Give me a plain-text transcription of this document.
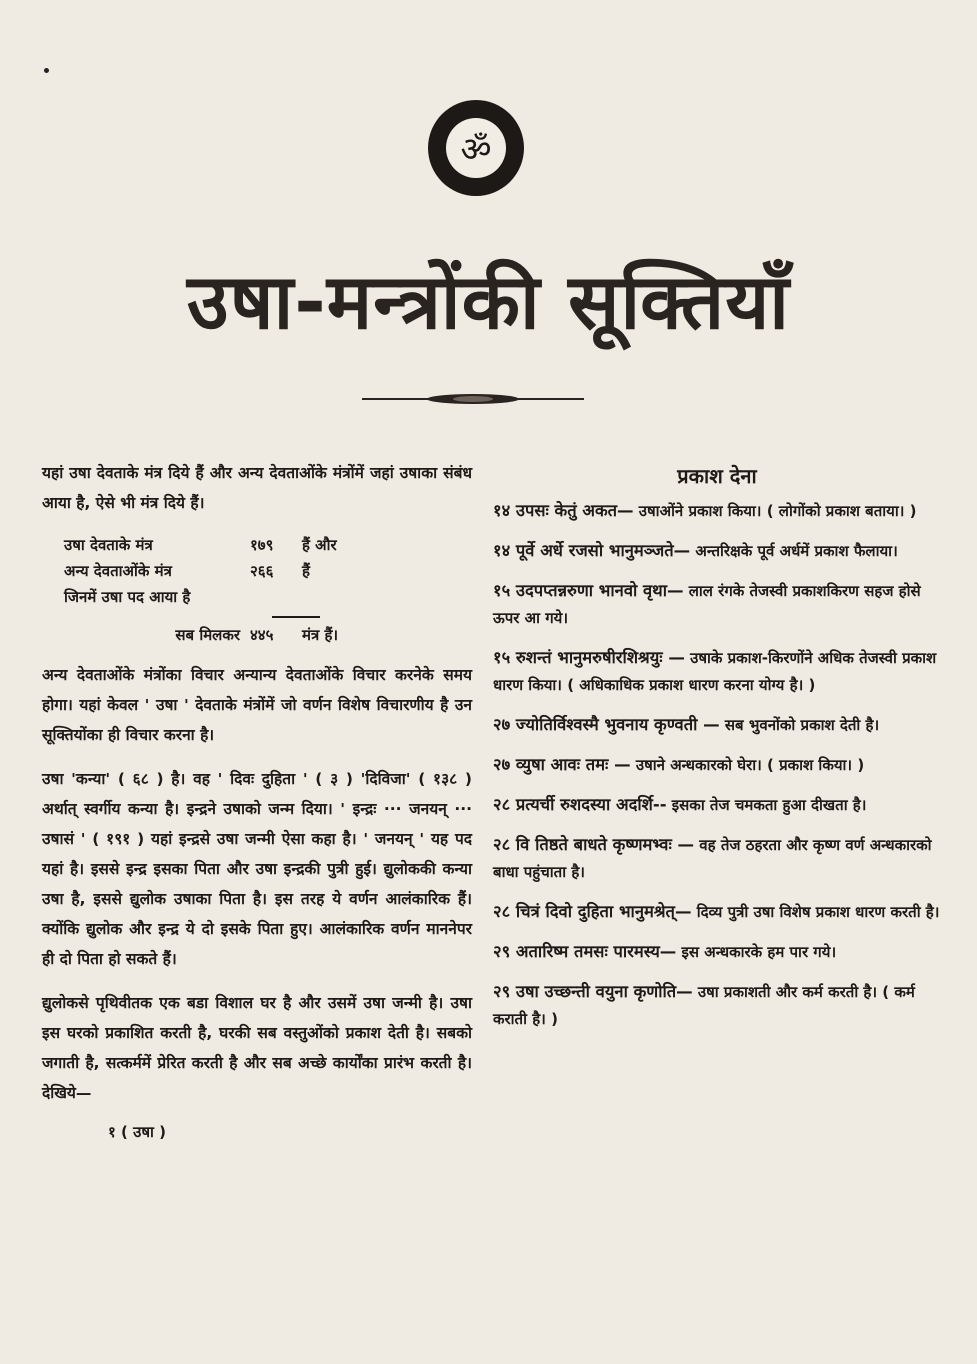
ॐ
उषा-मन्त्रोंकी सूक्तियाँ

यहां उषा देवताके मंत्र दिये हैं और अन्य देवताओंके मंत्रोंमें जहां उषाका संबंध आया है, ऐसे भी मंत्र दिये हैं।

उषा देवताके मंत्र	१७९	हैं और
अन्य देवताओंके मंत्र	२६६	हैं
जिनमें उषा पद आया है
सब मिलकर ४४५	मंत्र हैं।

अन्य देवताओंके मंत्रोंका विचार अन्यान्य देवताओंके विचार करनेके समय होगा। यहां केवल ' उषा ' देवताके मंत्रोंमें जो वर्णन विशेष विचारणीय है उन सूक्तियोंका ही विचार करना है।

उषा 'कन्या' ( ६८ ) है। वह ' दिवः दुहिता ' ( ३ ) 'दिविजा' ( १३८ ) अर्थात् स्वर्गीय कन्या है। इन्द्रने उषाको जन्म दिया। ' इन्द्रः ··· जनयन् ··· उषासं ' ( १९१ ) यहां इन्द्रसे उषा जन्मी ऐसा कहा है। ' जनयन् ' यह पद यहां है। इससे इन्द्र इसका पिता और उषा इन्द्रकी पुत्री हुई। द्युलोककी कन्या उषा है, इससे द्युलोक उषाका पिता है। इस तरह ये वर्णन आलंकारिक हैं। क्योंकि द्युलोक और इन्द्र ये दो इसके पिता हुए। आलंकारिक वर्णन माननेपर ही दो पिता हो सकते हैं।

द्युलोकसे पृथिवीतक एक बडा विशाल घर है और उसमें उषा जन्मी है। उषा इस घरको प्रकाशित करती है, घरकी सब वस्तुओंको प्रकाश देती है। सबको जगाती है, सत्कर्ममें प्रेरित करती है और सब अच्छे कार्योंका प्रारंभ करती है। देखिये—

१ ( उषा )
प्रकाश देना
१४ उपसः केतुं अकत— उषाओंने प्रकाश किया। ( लोगोंको प्रकाश बताया। )
१४ पूर्वे अर्धे रजसो भानुमञ्जते— अन्तरिक्षके पूर्व अर्धमें प्रकाश फैलाया।
१५ उदपप्तन्नरुणा भानवो वृथा— लाल रंगके तेजस्वी प्रकाशकिरण सहज होसे ऊपर आ गये।
१५ रुशन्तं भानुमरुषीरशिश्रयुः — उषाके प्रकाश-किरणोंने अधिक तेजस्वी प्रकाश धारण किया। ( अधिकाधिक प्रकाश धारण करना योग्य है। )
२७ ज्योतिर्विश्वस्मै भुवनाय कृण्वती — सब भुवनोंको प्रकाश देती है।
२७ व्युषा आवः तमः — उषाने अन्धकारको घेरा। ( प्रकाश किया। )
२८ प्रत्यर्ची रुशदस्या अदर्शि-- इसका तेज चमकता हुआ दीखता है।
२८ वि तिष्ठते बाधते कृष्णमभ्वः — वह तेज ठहरता और कृष्ण वर्ण अन्धकारको बाधा पहुंचाता है।
२८ चित्रं दिवो दुहिता भानुमश्रेत्— दिव्य पुत्री उषा विशेष प्रकाश धारण करती है।
२९ अतारिष्म तमसः पारमस्य— इस अन्धकारके हम पार गये।
२९ उषा उच्छन्ती वयुना कृणोति— उषा प्रकाशती और कर्म करती है। ( कर्म कराती है। )
